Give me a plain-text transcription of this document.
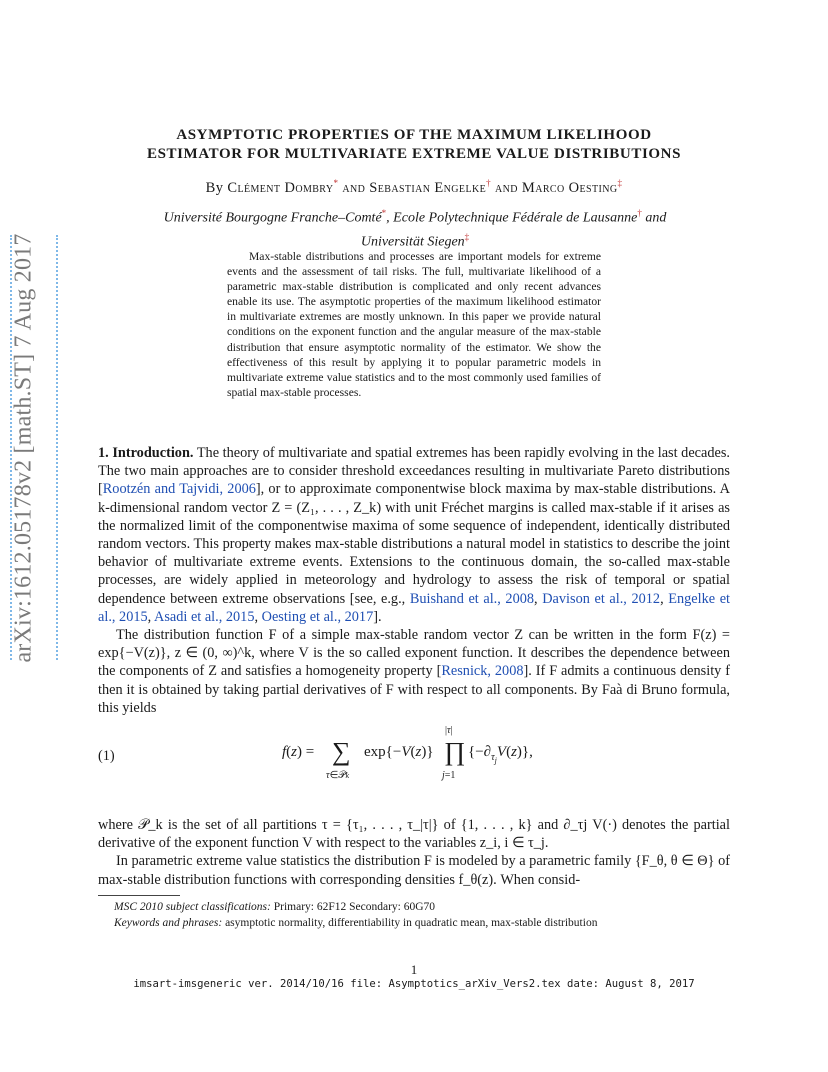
arXiv:1612.05178v2 [math.ST] 7 Aug 2017
ASYMPTOTIC PROPERTIES OF THE MAXIMUM LIKELIHOOD
ESTIMATOR FOR MULTIVARIATE EXTREME VALUE DISTRIBUTIONS
By Clément Dombry* and Sebastian Engelke† and Marco Oesting‡
Université Bourgogne Franche–Comté*, Ecole Polytechnique Fédérale de Lausanne† and
Universität Siegen‡
Max-stable distributions and processes are important models for extreme events and the assessment of tail risks. The full, multivariate likelihood of a parametric max-stable distribution is complicated and only recent advances enable its use. The asymptotic properties of the maximum likelihood estimator in multivariate extremes are mostly unknown. In this paper we provide natural conditions on the exponent function and the angular measure of the max-stable distribution that ensure asymptotic normality of the estimator. We show the effectiveness of this result by applying it to popular parametric models in multivariate extreme value statistics and to the most commonly used families of spatial max-stable processes.

1. Introduction. The theory of multivariate and spatial extremes has been rapidly evolving in the last decades. The two main approaches are to consider threshold exceedances resulting in multivariate Pareto distributions [Rootzén and Tajvidi, 2006], or to approximate componentwise block maxima by max-stable distributions. A k-dimensional random vector Z = (Z₁, . . . , Z_k) with unit Fréchet margins is called max-stable if it arises as the normalized limit of the componentwise maxima of some sequence of independent, identically distributed random vectors. This property makes max-stable distributions a natural model in statistics to describe the joint behavior of multivariate extreme events. Extensions to the continuous domain, the so-called max-stable processes, are widely applied in meteorology and hydrology to assess the risk of temporal or spatial dependence between extreme observations [see, e.g., Buishand et al., 2008, Davison et al., 2012, Engelke et al., 2015, Asadi et al., 2015, Oesting et al., 2017].

The distribution function F of a simple max-stable random vector Z can be written in the form F(z) = exp{−V(z)}, z ∈ (0, ∞)^k, where V is the so called exponent function. It describes the dependence between the components of Z and satisfies a homogeneity property [Resnick, 2008]. If F admits a continuous density f then it is obtained by taking partial derivatives of F with respect to all components. By Faà di Bruno formula, this yields

(1)	f(z) = ∑
τ∈𝒫k
exp{−V(z)} ∏
|τ|
j=1
$\{-\partial_{\tau j}V(z)\}$,

where 𝒫_k is the set of all partitions τ = {τ₁, . . . , τ_|τ|} of {1, . . . , k} and ∂_τj V(·) denotes the partial derivative of the exponent function V with respect to the variables z_i, i ∈ τ_j.

In parametric extreme value statistics the distribution F is modeled by a parametric family {F_θ, θ ∈ Θ} of max-stable distribution functions with corresponding densities f_θ(z). When consid-

MSC 2010 subject classifications: Primary: 62F12 Secondary: 60G70
Keywords and phrases: asymptotic normality, differentiability in quadratic mean, max-stable distribution
1
imsart-imsgeneric ver. 2014/10/16 file: Asymptotics_arXiv_Vers2.tex date: August 8, 2017
